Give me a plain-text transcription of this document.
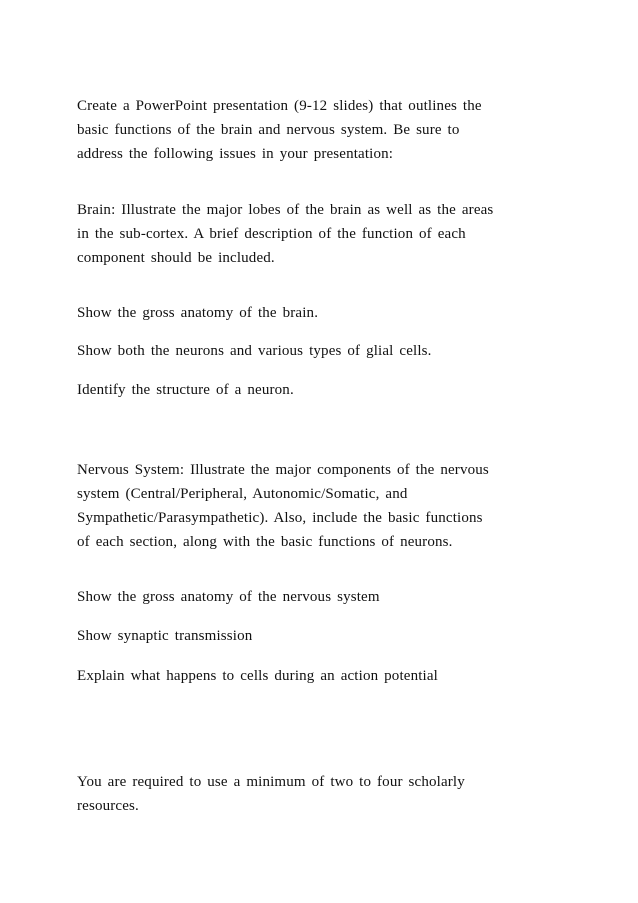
Create a PowerPoint presentation (9-12 slides) that outlines the
basic functions of the brain and nervous system. Be sure to
address the following issues in your presentation:

Brain: Illustrate the major lobes of the brain as well as the areas
in the sub-cortex. A brief description of the function of each
component should be included.

Show the gross anatomy of the brain.

Show both the neurons and various types of glial cells.

Identify the structure of a neuron.

Nervous System: Illustrate the major components of the nervous
system (Central/Peripheral, Autonomic/Somatic, and
Sympathetic/Parasympathetic). Also, include the basic functions
of each section, along with the basic functions of neurons.

Show the gross anatomy of the nervous system

Show synaptic transmission

Explain what happens to cells during an action potential

You are required to use a minimum of two to four scholarly
resources.
